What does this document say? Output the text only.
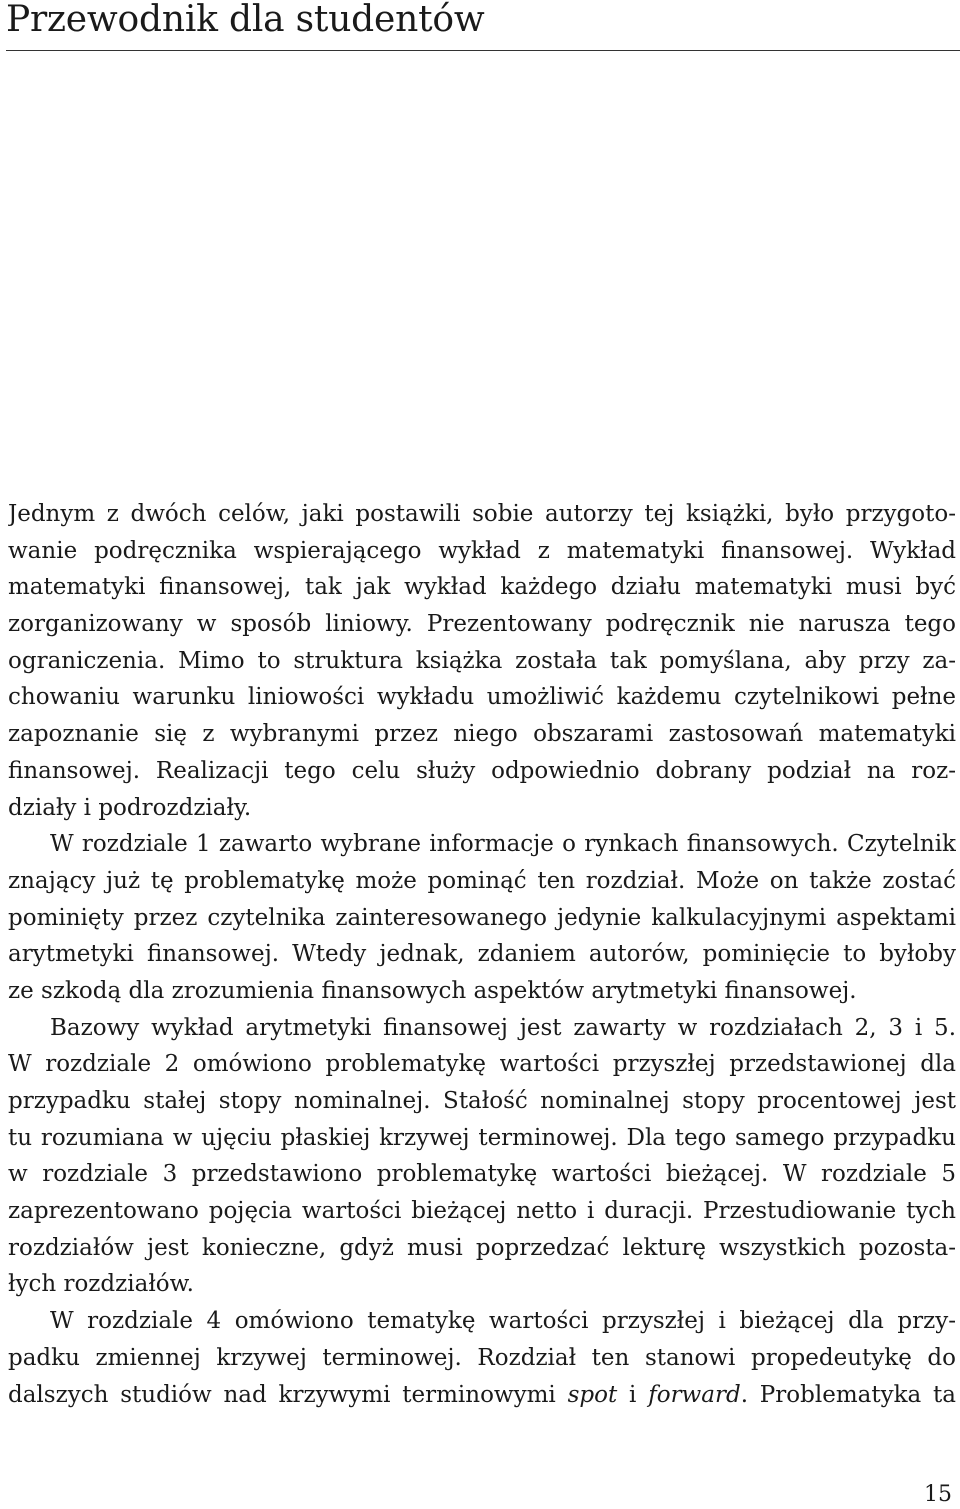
Przewodnik dla studentów
Jednym z dwóch celów, jaki postawili sobie autorzy tej książki, było przygoto-
wanie podręcznika wspierającego wykład z matematyki finansowej. Wykład
matematyki finansowej, tak jak wykład każdego działu matematyki musi być
zorganizowany w sposób liniowy. Prezentowany podręcznik nie narusza tego
ograniczenia. Mimo to struktura książka została tak pomyślana, aby przy za-
chowaniu warunku liniowości wykładu umożliwić każdemu czytelnikowi pełne
zapoznanie się z wybranymi przez niego obszarami zastosowań matematyki
finansowej. Realizacji tego celu służy odpowiednio dobrany podział na roz-
działy i podrozdziały.
W rozdziale 1 zawarto wybrane informacje o rynkach finansowych. Czytelnik
znający już tę problematykę może pominąć ten rozdział. Może on także zostać
pominięty przez czytelnika zainteresowanego jedynie kalkulacyjnymi aspektami
arytmetyki finansowej. Wtedy jednak, zdaniem autorów, pominięcie to byłoby
ze szkodą dla zrozumienia finansowych aspektów arytmetyki finansowej.
Bazowy wykład arytmetyki finansowej jest zawarty w rozdziałach 2, 3 i 5.
W rozdziale 2 omówiono problematykę wartości przyszłej przedstawionej dla
przypadku stałej stopy nominalnej. Stałość nominalnej stopy procentowej jest
tu rozumiana w ujęciu płaskiej krzywej terminowej. Dla tego samego przypadku
w rozdziale 3 przedstawiono problematykę wartości bieżącej. W rozdziale 5
zaprezentowano pojęcia wartości bieżącej netto i duracji. Przestudiowanie tych
rozdziałów jest konieczne, gdyż musi poprzedzać lekturę wszystkich pozosta-
łych rozdziałów.
W rozdziale 4 omówiono tematykę wartości przyszłej i bieżącej dla przy-
padku zmiennej krzywej terminowej. Rozdział ten stanowi propedeutykę do
dalszych studiów nad krzywymi terminowymi spot i forward. Problematyka ta
15
